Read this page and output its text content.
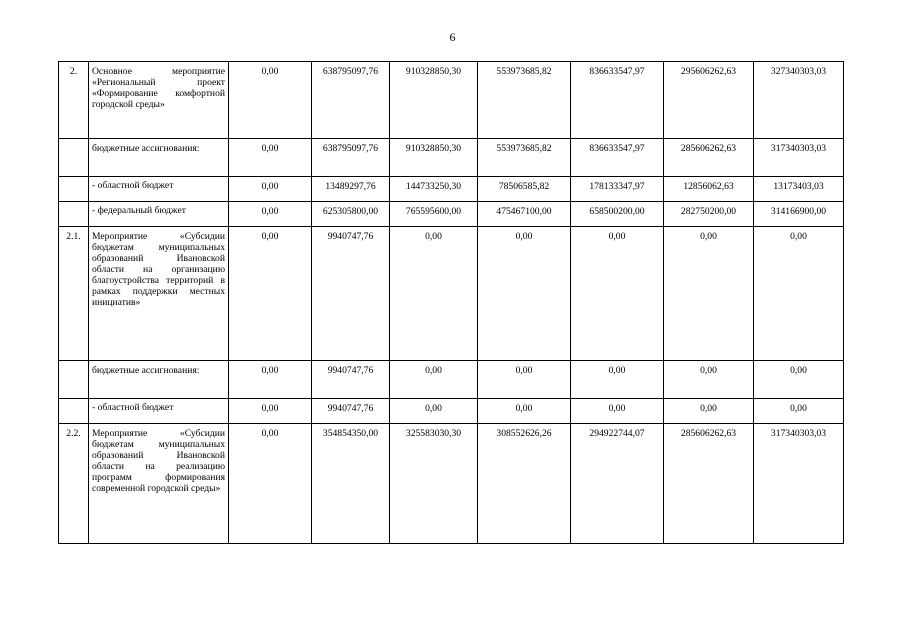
6
2.	Основное мероприятие «Региональный проект «Формирование комфортной городской среды»	0,00	638795097,76	910328850,30	553973685,82	836633547,97	295606262,63	327340303,03
	бюджетные ассигнования:	0,00	638795097,76	910328850,30	553973685,82	836633547,97	285606262,63	317340303,03
	- областной бюджет	0,00	13489297,76	144733250,30	78506585,82	178133347,97	12856062,63	13173403,03
	- федеральный бюджет	0,00	625305800,00	765595600,00	475467100,00	658500200,00	282750200,00	314166900,00
2.1.	Мероприятие «Субсидии бюджетам муниципальных образований Ивановской области на организацию благоустройства территорий в рамках поддержки местных инициатив»	0,00	9940747,76	0,00	0,00	0,00	0,00	0,00
	бюджетные ассигнования:	0,00	9940747,76	0,00	0,00	0,00	0,00	0,00
	- областной бюджет	0,00	9940747,76	0,00	0,00	0,00	0,00	0,00
2.2.	Мероприятие «Субсидии бюджетам муниципальных образований Ивановской области на реализацию программ формирования современной городской среды»	0,00	354854350,00	325583030,30	308552626,26	294922744,07	285606262,63	317340303,03
